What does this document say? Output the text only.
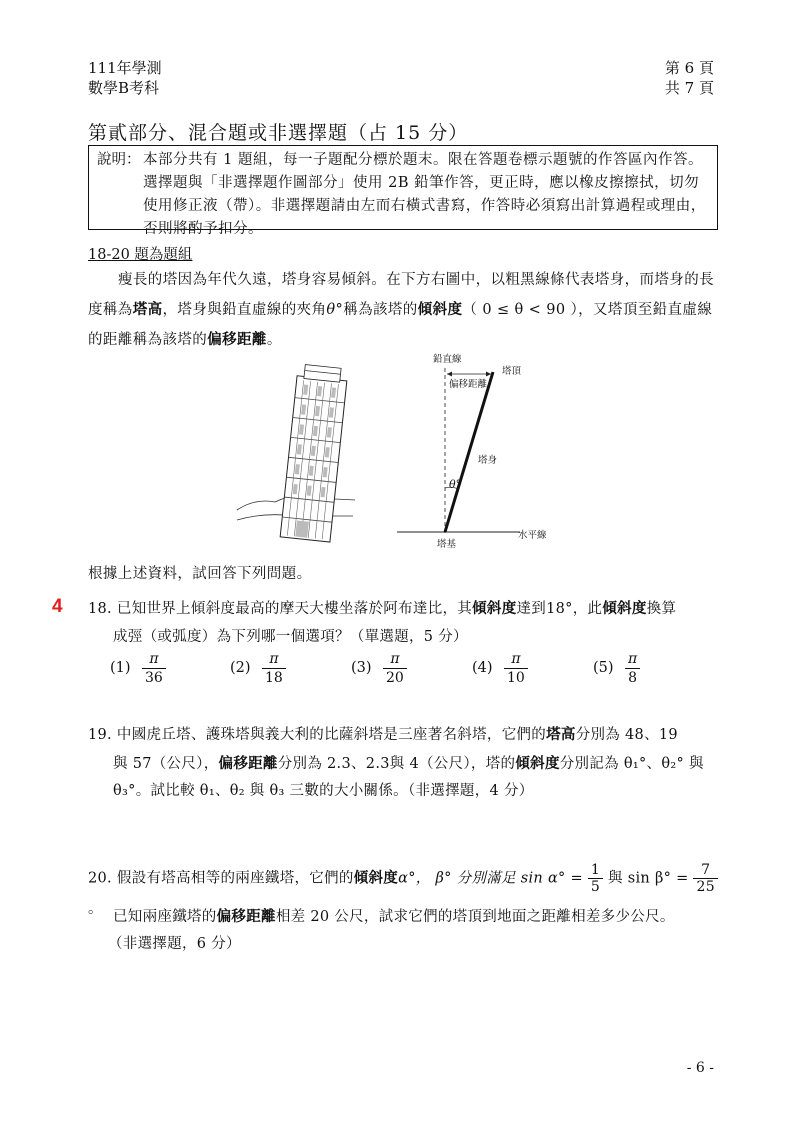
111年學測
數學B考科
第 6 頁
共 7 頁
第貳部分、混合題或非選擇題（占 15 分）
說明： 本部分共有 1 題組，每一子題配分標於題末。限在答題卷標示題號的作答區內作答。選擇題與「非選擇題作圖部分」使用 2B 鉛筆作答，更正時，應以橡皮擦擦拭，切勿使用修正液（帶）。非選擇題請由左而右橫式書寫，作答時必須寫出計算過程或理由，否則將酌予扣分。
18-20 題為題組
瘦長的塔因為年代久遠，塔身容易傾斜。在下方右圖中，以粗黑線條代表塔身，而塔身的長度稱為塔高，塔身與鉛直虛線的夾角θ°稱為該塔的傾斜度（ 0 ≤ θ < 90 ），又塔頂至鉛直虛線的距離稱為該塔的偏移距離。
鉛直線
塔頂
偏移距離
塔身
θ°
塔基
水平線
根據上述資料，試回答下列問題。
4 18. 已知世界上傾斜度最高的摩天大樓坐落於阿布達比，其傾斜度達到18°，此傾斜度換算
成弳（或弧度）為下列哪一個選項？（單選題，5 分）
$(1) \frac{\pi}{36}$	$(2) \frac{\pi}{18}$	$(3) \frac{\pi}{20}$	$(4) \frac{\pi}{10}$	$(5) \frac{\pi}{8}$
19. 中國虎丘塔、護珠塔與義大利的比薩斜塔是三座著名斜塔，它們的塔高分別為 48、19
與 57（公尺），偏移距離分別為 2.3、2.3與 4（公尺），塔的傾斜度分別記為 θ₁°、θ₂° 與
θ₃°。試比較 θ₁、θ₂ 與 θ₃ 三數的大小關係。（非選擇題，4 分）
20. 假設有塔高相等的兩座鐵塔，它們的傾斜度α°， β° 分別滿足 $\sin \alpha^\circ = \frac{1}{5}$ 與 $\sin \beta^\circ = \frac{7}{25}$
。 已知兩座鐵塔的偏移距離相差 20 公尺，試求它們的塔頂到地面之距離相差多少公尺。
（非選擇題，6 分）
- 6 -
